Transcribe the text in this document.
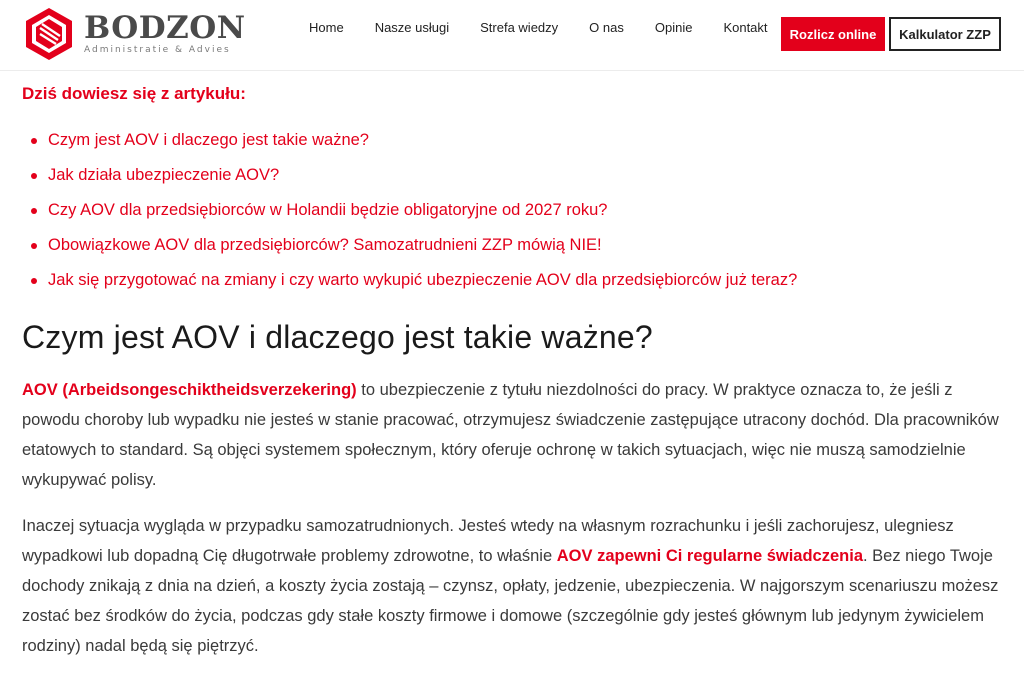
BODZON
Administratie & Advies
Home Nasze usługi Strefa wiedzy O nas Opinie Kontakt	Rozlicz online	Kalkulator ZZP
Dziś dowiesz się z artykułu:
Czym jest AOV i dlaczego jest takie ważne?
Jak działa ubezpieczenie AOV?
Czy AOV dla przedsiębiorców w Holandii będzie obligatoryjne od 2027 roku?
Obowiązkowe AOV dla przedsiębiorców? Samozatrudnieni ZZP mówią NIE!
Jak się przygotować na zmiany i czy warto wykupić ubezpieczenie AOV dla przedsiębiorców już teraz?
Czym jest AOV i dlaczego jest takie ważne?

AOV (Arbeidsongeschiktheidsverzekering) to ubezpieczenie z tytułu niezdolności do pracy. W praktyce oznacza to, że jeśli z powodu choroby lub wypadku nie jesteś w stanie pracować, otrzymujesz świadczenie zastępujące utracony dochód. Dla pracowników etatowych to standard. Są objęci systemem społecznym, który oferuje ochronę w takich sytuacjach, więc nie muszą samodzielnie wykupywać polisy.

Inaczej sytuacja wygląda w przypadku samozatrudnionych. Jesteś wtedy na własnym rozrachunku i jeśli zachorujesz, ulegniesz wypadkowi lub dopadną Cię długotrwałe problemy zdrowotne, to właśnie AOV zapewni Ci regularne świadczenia. Bez niego Twoje dochody znikają z dnia na dzień, a koszty życia zostają – czynsz, opłaty, jedzenie, ubezpieczenia. W najgorszym scenariuszu możesz zostać bez środków do życia, podczas gdy stałe koszty firmowe i domowe (szczególnie gdy jesteś głównym lub jedynym żywicielem rodziny) nadal będą się piętrzyć.
